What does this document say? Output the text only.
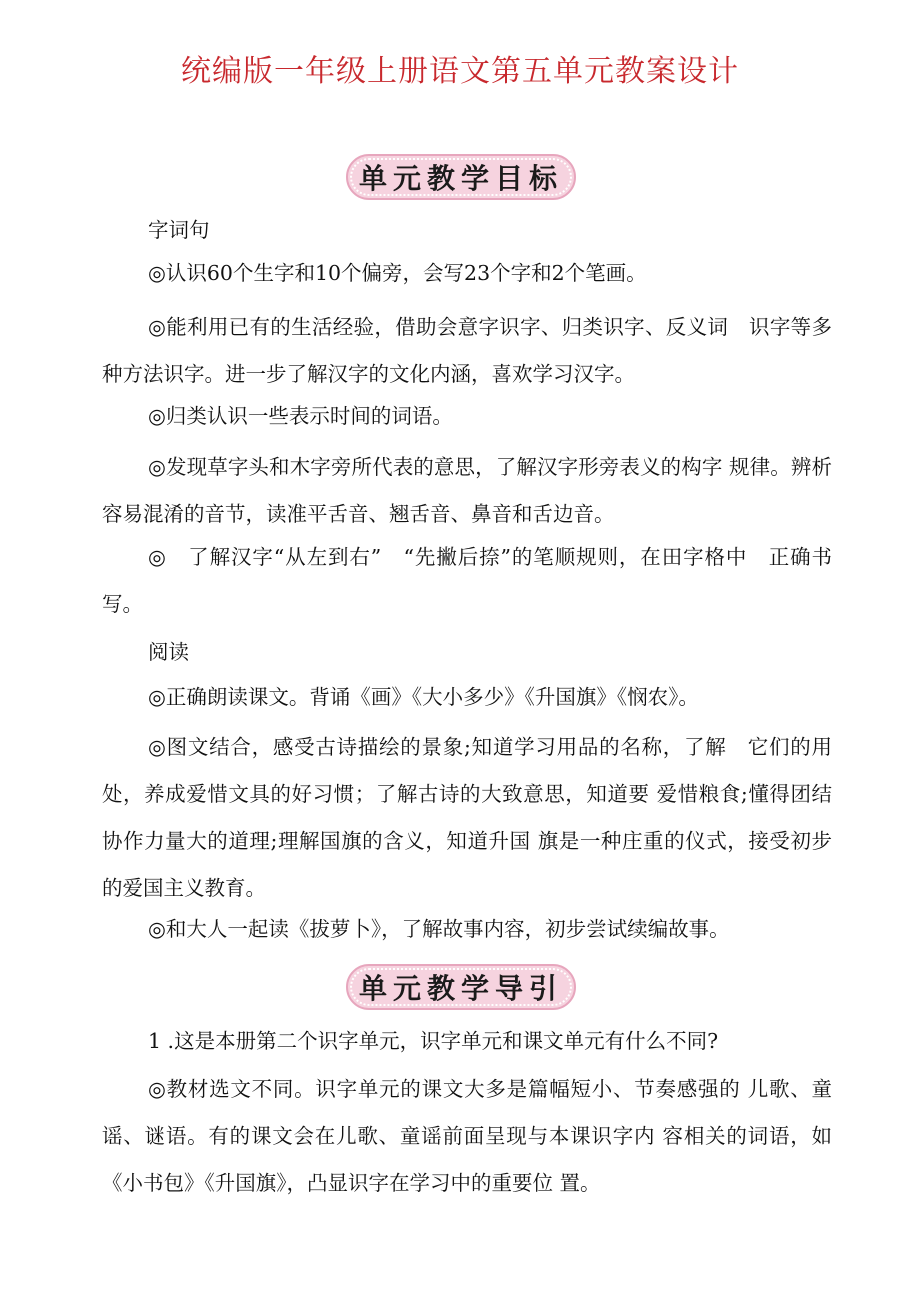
统编版一年级上册语文第五单元教案设计
单元教学目标
字词句
◎认识60个生字和10个偏旁，会写23个字和2个笔画。
◎能利用已有的生活经验，借助会意字识字、归类识字、反义词　识字等多种方法识字。进一步了解汉字的文化内涵，喜欢学习汉字。
◎归类认识一些表示时间的词语。
◎发现草字头和木字旁所代表的意思，了解汉字形旁表义的构字 规律。辨析容易混淆的音节，读准平舌音、翘舌音、鼻音和舌边音。
◎　了解汉字“从左到右”　“先撇后捺”的笔顺规则，在田字格中　正确书写。
阅读
◎正确朗读课文。背诵《画》《大小多少》《升国旗》《悯农》。
◎图文结合，感受古诗描绘的景象;知道学习用品的名称，了解　它们的用处，养成爱惜文具的好习惯；了解古诗的大致意思，知道要 爱惜粮食;懂得团结协作力量大的道理;理解国旗的含义，知道升国 旗是一种庄重的仪式，接受初步的爱国主义教育。
◎和大人一起读《拔萝卜》，了解故事内容，初步尝试续编故事。
单元教学导引
1 .这是本册第二个识字单元，识字单元和课文单元有什么不同?
◎教材选文不同。识字单元的课文大多是篇幅短小、节奏感强的 儿歌、童谣、谜语。有的课文会在儿歌、童谣前面呈现与本课识字内 容相关的词语，如《小书包》《升国旗》，凸显识字在学习中的重要位 置。
